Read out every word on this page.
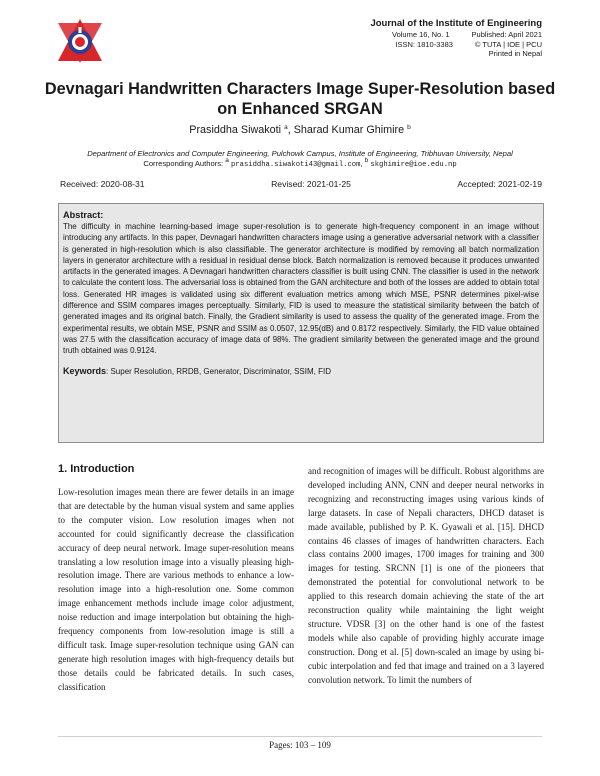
Journal of the Institute of Engineering
Volume 16, No. 1	Published: April 2021
ISSN: 1810-3383	© TUTA | IOE | PCU
Printed in Nepal
Devnagari Handwritten Characters Image Super-Resolution based on Enhanced SRGAN
Prasiddha Siwakoti $^a$, Sharad Kumar Ghimire $^b$
Department of Electronics and Computer Engineering, Pulchowk Campus, Institute of Engineering, Tribhuvan University, Nepal
Corresponding Authors: $^a$ prasiddha.siwakoti43@gmail.com, $^b$ skghimire@ioe.edu.np
Received: 2020-08-31	Revised: 2021-01-25	Accepted: 2021-02-19
Abstract:
The difficulty in machine learning-based image super-resolution is to generate high-frequency component in an image without introducing any artifacts. In this paper, Devnagari handwritten characters image using a generative adversarial network with a classifier is generated in high-resolution which is also classifiable. The generator architecture is modified by removing all batch normalization layers in generator architecture with a residual in residual dense block. Batch normalization is removed because it produces unwanted artifacts in the generated images. A Devnagari handwritten characters classifier is built using CNN. The classifier is used in the network to calculate the content loss. The adversarial loss is obtained from the GAN architecture and both of the losses are added to obtain total loss. Generated HR images is validated using six different evaluation metrics among which MSE, PSNR determines pixel-wise difference and SSIM compares images perceptually. Similarly, FID is used to measure the statistical similarity between the batch of generated images and its original batch. Finally, the Gradient similarity is used to assess the quality of the generated image. From the experimental results, we obtain MSE, PSNR and SSIM as 0.0507, 12.95(dB) and 0.8172 respectively. Similarly, the FID value obtained was 27.5 with the classification accuracy of image data of 98%. The gradient similarity between the generated image and the ground truth obtained was 0.9124.
Keywords: Super Resolution, RRDB, Generator, Discriminator, SSIM, FID
1. Introduction

Low-resolution images mean there are fewer details in an image that are detectable by the human visual system and same applies to the computer vision. Low resolution images when not accounted for could significantly decrease the classification accuracy of deep neural network. Image super-resolution means translating a low resolution image into a visually pleasing high-resolution image. There are various methods to enhance a low-resolution image into a high-resolution one. Some common image enhancement methods include image color adjustment, noise reduction and image interpolation but obtaining the high-frequency components from low-resolution image is still a difficult task. Image super-resolution technique using GAN can generate high resolution images with high-frequency details but those details could be fabricated details. In such cases, classification

and recognition of images will be difficult. Robust algorithms are developed including ANN, CNN and deeper neural networks in recognizing and reconstructing images using various kinds of large datasets. In case of Nepali characters, DHCD dataset is made available, published by P. K. Gyawali et al. [15]. DHCD contains 46 classes of images of handwritten characters. Each class contains 2000 images, 1700 images for training and 300 images for testing. SRCNN [1] is one of the pioneers that demonstrated the potential for convolutional network to be applied to this research domain achieving the state of the art reconstruction quality while maintaining the light weight structure. VDSR [3] on the other hand is one of the fastest models while also capable of providing highly accurate image construction. Dong et al. [5] down-scaled an image by using bi-cubic interpolation and fed that image and trained on a 3 layered convolution network. To limit the numbers of

Pages: 103 – 109
